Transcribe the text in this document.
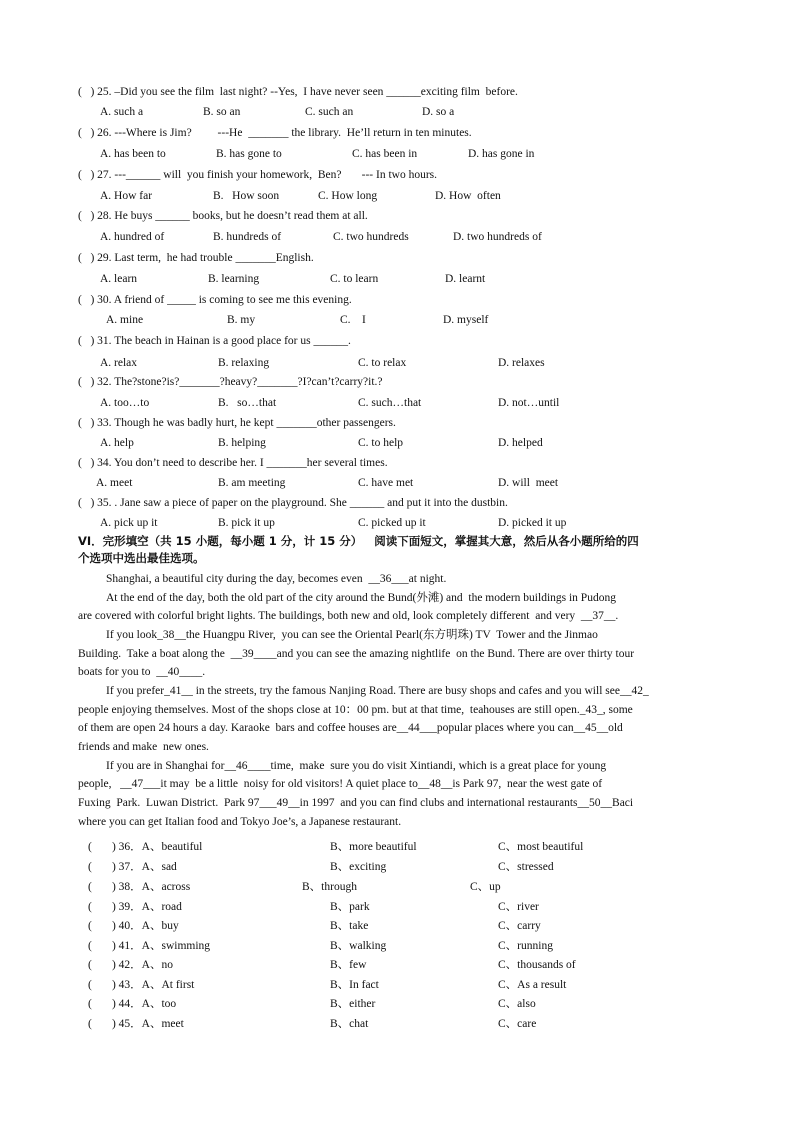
(   ) 25. –Did you see the film  last night? --Yes,  I have never seen ______exciting film  before.
A. such a	B. so an	C. such an	D. so a
(   ) 26. ---Where is Jim?         ---He  _______ the library.  He’ll return in ten minutes.
A. has been to	B. has gone to	C. has been in	D. has gone in
(   ) 27. ---______ will  you finish your homework,  Ben?       --- In two hours.
A. How far	B.   How soon	C. How long	D. How  often
(   ) 28. He buys ______ books, but he doesn’t read them at all.
A. hundred of	B. hundreds of	C. two hundreds	D. two hundreds of
(   ) 29. Last term,  he had trouble _______English.
A. learn	B. learning	C. to learn	D. learnt
(   ) 30. A friend of _____ is coming to see me this evening.
A. mine	B. my	C.    I	D. myself
(   ) 31. The beach in Hainan is a good place for us ______.
A. relax	B. relaxing	C. to relax	D. relaxes
(   ) 32. The?stone?is?_______?heavy?_______?I?can’t?carry?it.?
A. too…to	B.   so…that	C. such…that	D. not…until
(   ) 33. Though he was badly hurt, he kept _______other passengers.
A. help	B. helping	C. to help	D. helped
(   ) 34. You don’t need to describe her. I _______her several times.
A. meet	B. am meeting	C. have met	D. will  meet
(   ) 35. . Jane saw a piece of paper on the playground. She ______ and put it into the dustbin.
A. pick up it	B. pick it up	C. picked up it	D. picked it up
VI．完形填空（共 15 小题，每小题 1 分，计 15 分）   阅读下面短文，掌握其大意，然后从各小题所给的四
个选项中选出最佳选项。
Shanghai, a beautiful city during the day, becomes even  __36___at night.
At the end of the day, both the old part of the city around the Bund(外滩) and  the modern buildings in Pudong
are covered with colorful bright lights. The buildings, both new and old, look completely different  and very  __37__.
If you look_38__the Huangpu River,  you can see the Oriental Pearl(东方明珠) TV  Tower and the Jinmao
Building.  Take a boat along the  __39____and you can see the amazing nightlife  on the Bund. There are over thirty tour
boats for you to  __40____.
If you prefer_41__ in the streets, try the famous Nanjing Road. There are busy shops and cafes and you will see__42_
people enjoying themselves. Most of the shops close at 10：00 pm. but at that time,  teahouses are still open._43_, some
of them are open 24 hours a day. Karaoke  bars and coffee houses are__44___popular places where you can__45__old
friends and make  new ones.
If you are in Shanghai for__46____time,  make  sure you do visit Xintiandi, which is a great place for young
people,   __47___it may  be a little  noisy for old visitors! A quiet place to__48__is Park 97,  near the west gate of
Fuxing  Park.  Luwan District.  Park 97___49__in 1997  and you can find clubs and international restaurants__50__Baci
where you can get Italian food and Tokyo Joe’s, a Japanese restaurant.
(       ) 36．A、beautiful	B、more beautiful	C、most beautiful
(       ) 37．A、sad	B、exciting	C、stressed
(       ) 38．A、across	B、through	C、up
(       ) 39．A、road	B、park	C、river
(       ) 40．A、buy	B、take	C、carry
(       ) 41．A、swimming	B、walking	C、running
(       ) 42．A、no	B、few	C、thousands of
(       ) 43．A、At first	B、In fact	C、As a result
(       ) 44．A、too	B、either	C、also
(       ) 45．A、meet	B、chat	C、care
